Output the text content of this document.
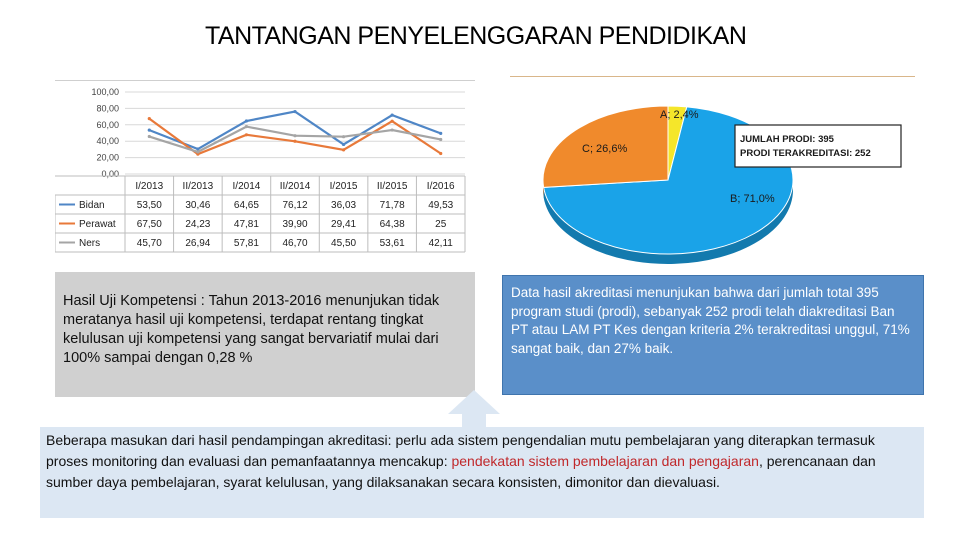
TANTANGAN PENYELENGGARAN PENDIDIKAN
0,00
20,00
40,00
60,00
80,00
100,00
I/2013 II/2013 I/2014 II/2014 I/2015 II/2015 I/2016
Bidan	53,50 30,46 64,65 76,12 36,03 71,78 49,53
Perawat 67,50 24,23 47,81 39,90 29,41 64,38	25
Ners	45,70 26,94 57,81 46,70 45,50 53,61 42,11
A; 2,4%
B; 71,0%
C; 26,6%
JUMLAH PRODI: 395
PRODI TERAKREDITASI: 252
Hasil Uji Kompetensi : Tahun 2013-2016 menunjukan tidak meratanya hasil uji kompetensi, terdapat rentang tingkat kelulusan uji kompetensi yang sangat bervariatif mulai dari 100% sampai dengan 0,28 %
Data hasil akreditasi menunjukan bahwa dari jumlah total 395 program studi (prodi), sebanyak 252 prodi telah diakreditasi Ban PT atau LAM PT Kes dengan kriteria 2% terakreditasi unggul, 71% sangat baik, dan 27% baik.
Beberapa masukan dari hasil pendampingan akreditasi: perlu ada sistem pengendalian mutu pembelajaran yang diterapkan termasuk proses monitoring dan evaluasi dan pemanfaatannya mencakup: pendekatan sistem pembelajaran dan pengajaran, perencanaan dan sumber daya pembelajaran, syarat kelulusan, yang dilaksanakan secara konsisten, dimonitor dan dievaluasi.
